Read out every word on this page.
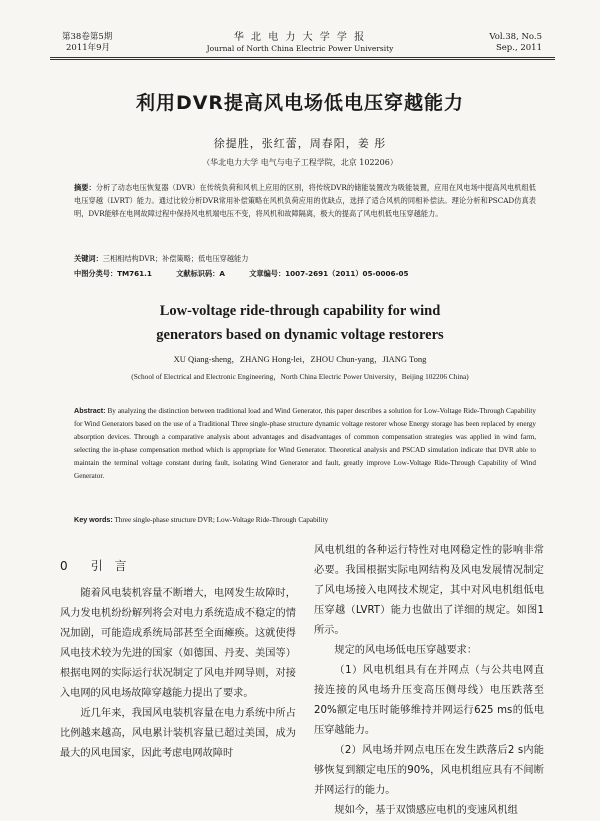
第38卷第5期
2011年9月
华 北 电 力 大 学 学 报
Journal of North China Electric Power University
Vol.38, No.5
Sep., 2011
利用DVR提高风电场低电压穿越能力
徐提胜，张红蕾，周春阳，姜 彤
（华北电力大学 电气与电子工程学院，北京 102206）
摘要：分析了动态电压恢复器（DVR）在传统负荷和风机上应用的区别，将传统DVR的储能装置改为吸能装置，应用在风电场中提高风电机组低电压穿越（LVRT）能力。通过比较分析DVR常用补偿策略在风机负荷应用的优缺点，选择了适合风机的同相补偿法。理论分析和PSCAD仿真表明，DVR能够在电网故障过程中保持风电机端电压不变，将风机和故障隔离，极大的提高了风电机低电压穿越能力。
关键词：三相相结构DVR；补偿策略；低电压穿越能力
中图分类号：TM761.1	文献标识码：A	文章编号：1007-2691（2011）05-0006-05
Low-voltage ride-through capability for wind
generators based on dynamic voltage restorers
XU Qiang-sheng，ZHANG Hong-lei，ZHOU Chun-yang，JIANG Tong
(School of Electrical and Electronic Engineering，North China Electric Power University，Beijing 102206 China)
Abstract: By analyzing the distinction between traditional load and Wind Generator, this paper describes a solution for Low-Voltage Ride-Through Capability for Wind Generators based on the use of a Traditional Three single-phase structure dynamic voltage restorer whose Energy storage has been replaced by energy absorption devices. Through a comparative analysis about advantages and disadvantages of common compensation strategies was applied in wind farm, selecting the in-phase compensation method which is appropriate for Wind Generator. Theoretical analysis and PSCAD simulation indicate that DVR able to maintain the terminal voltage constant during fault, isolating Wind Generator and fault, greatly improve Low-Voltage Ride-Through Capability of Wind Generator.
Key words: Three single-phase structure DVR; Low-Voltage Ride-Through Capability
0 引 言

随着风电装机容量不断增大，电网发生故障时，风力发电机纷纷解列将会对电力系统造成不稳定的情况加剧，可能造成系统局部甚至全面瘫痪。这就使得风电技术较为先进的国家（如德国、丹麦、美国等）根据电网的实际运行状况制定了风电并网导则，对接入电网的风电场故障穿越能力提出了要求。

近几年来，我国风电装机容量在电力系统中所占比例越来越高，风电累计装机容量已超过美国，成为最大的风电国家，因此考虑电网故障时

风电机组的各种运行特性对电网稳定性的影响非常必要。我国根据实际电网结构及风电发展情况制定了风电场接入电网技术规定，其中对风电机组低电压穿越（LVRT）能力也做出了详细的规定。如图1所示。

规定的风电场低电压穿越要求：

（1）风电机组具有在并网点（与公共电网直接连接的风电场升压变高压侧母线）电压跌落至20%额定电压时能够维持并网运行625 ms的低电压穿越能力。

（2）风电场并网点电压在发生跌落后2 s内能够恢复到额定电压的90%，风电机组应具有不间断并网运行的能力。

规如今，基于双馈感应电机的变速风机组
